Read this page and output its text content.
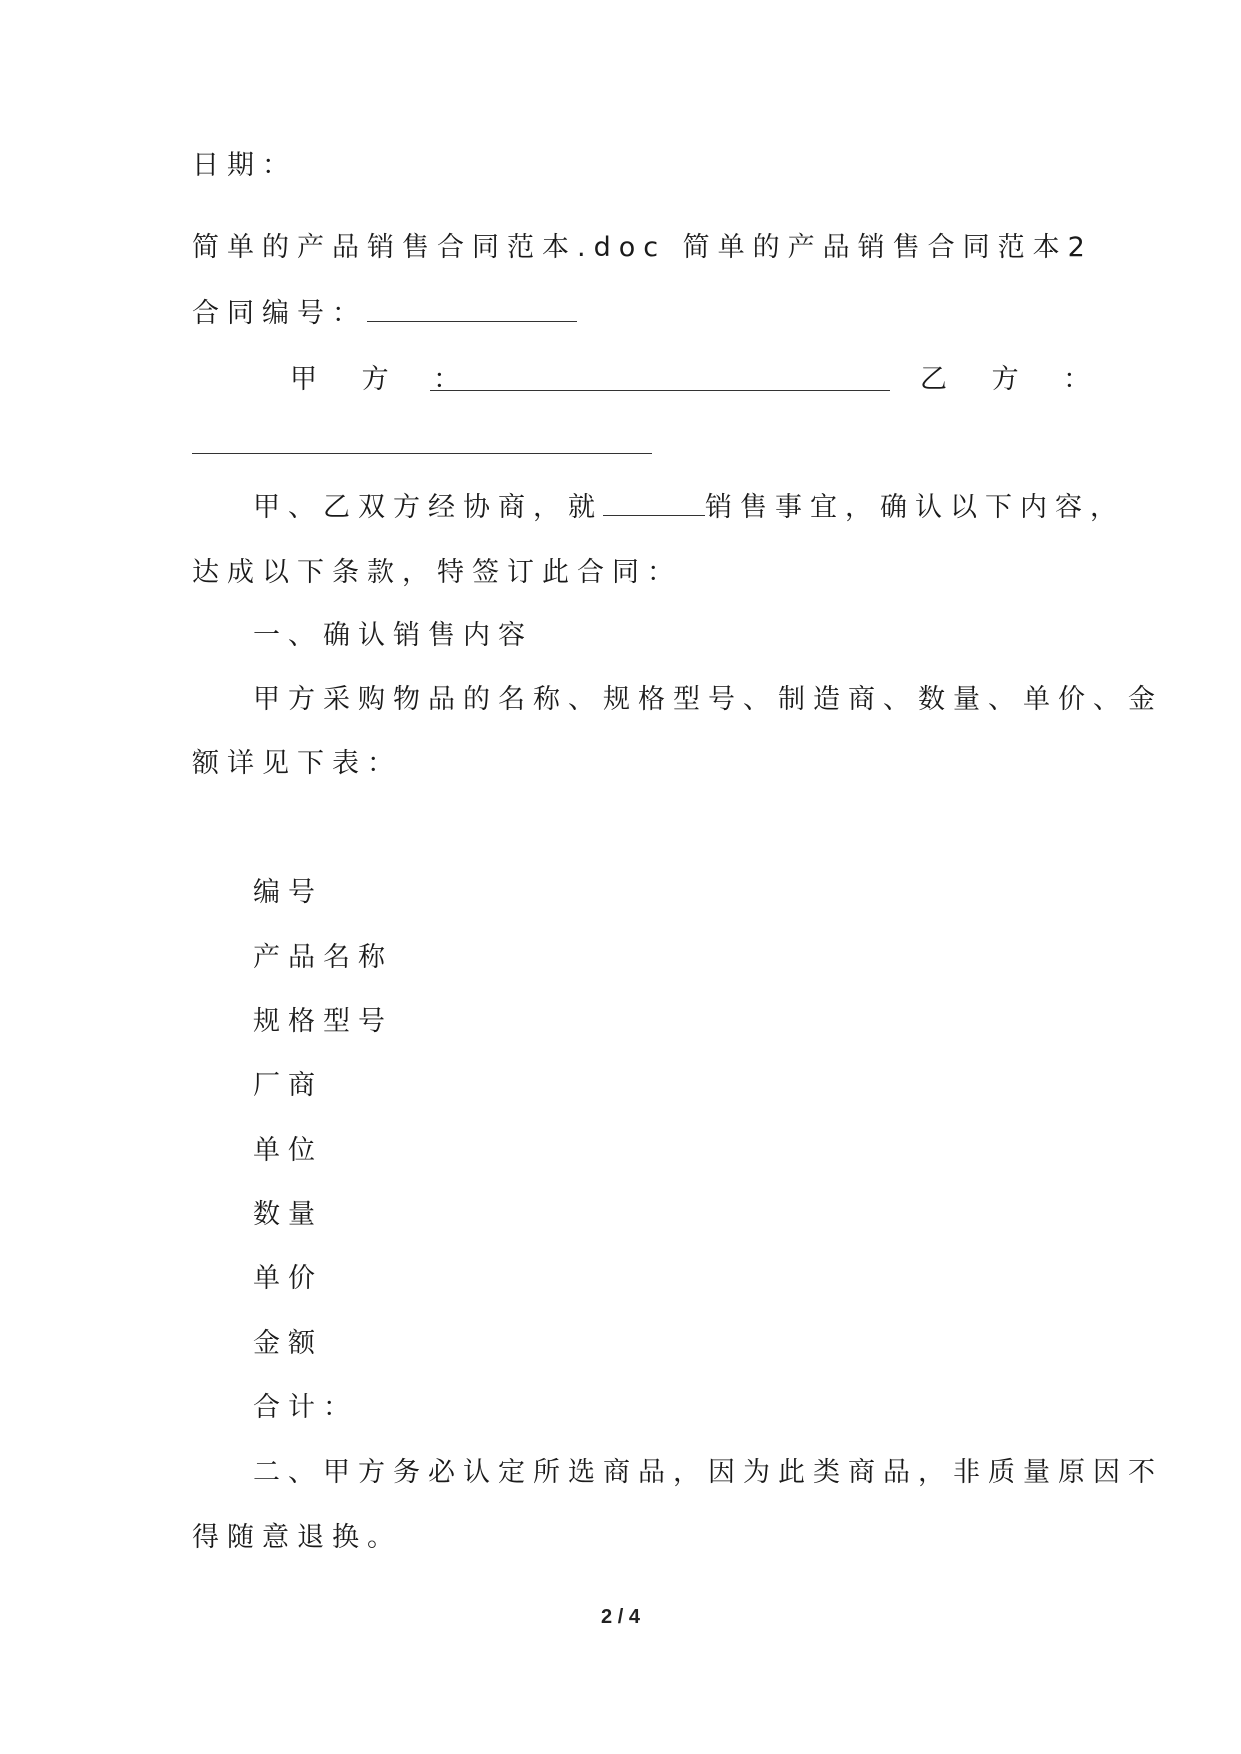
日期：
简单的产品销售合同范本.doc 简单的产品销售合同范本2
合同编号：
甲 方 ：	乙 方 ：
甲、乙双方经协商，就	销售事宜，确认以下内容，
达成以下条款，特签订此合同：
一、确认销售内容
甲方采购物品的名称、规格型号、制造商、数量、单价、金
额详见下表：
编号
产品名称
规格型号
厂商
单位
数量
单价
金额
合计：
二、甲方务必认定所选商品，因为此类商品，非质量原因不
得随意退换。
2 / 4
